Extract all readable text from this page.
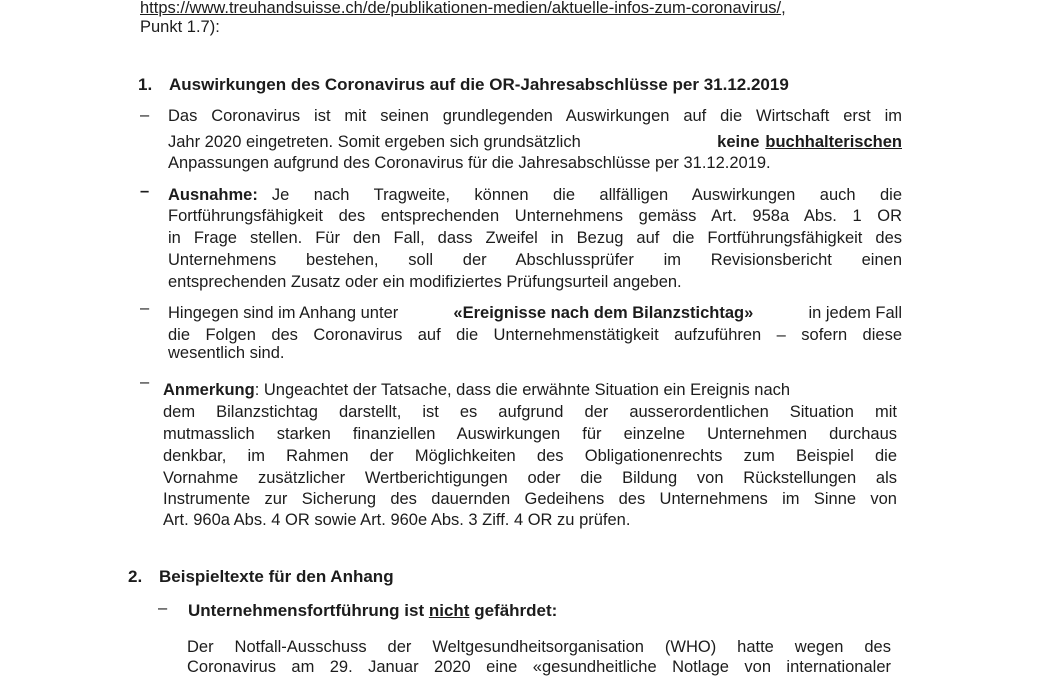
https://www.treuhandsuisse.ch/de/publikationen-medien/aktuelle-infos-zum-coronavirus/,
Punkt 1.7):
1. Auswirkungen des Coronavirus auf die OR-Jahresabschlüsse per 31.12.2019
– Das Coronavirus ist mit seinen grundlegenden Auswirkungen auf die Wirtschaft erst im
Jahr 2020 eingetreten. Somit ergeben sich grundsätzlich	keine buchhalterischen
Anpassungen aufgrund des Coronavirus für die Jahresabschlüsse per 31.12.2019.
– Ausnahme: Je nach Tragweite, können die allfälligen Auswirkungen auch die
Fortführungsfähigkeit des entsprechenden Unternehmens gemäss Art. 958a Abs. 1 OR
in Frage stellen. Für den Fall, dass Zweifel in Bezug auf die Fortführungsfähigkeit des
Unternehmens bestehen, soll der Abschlussprüfer im Revisionsbericht einen
entsprechenden Zusatz oder ein modifiziertes Prüfungsurteil angeben.
– Hingegen sind im Anhang unter	«Ereignisse nach dem Bilanzstichtag»	in jedem Fall
die Folgen des Coronavirus auf die Unternehmenstätigkeit aufzuführen – sofern diese
wesentlich sind.
– Anmerkung: Ungeachtet der Tatsache, dass die erwähnte Situation ein Ereignis nach
dem Bilanzstichtag darstellt, ist es aufgrund der ausserordentlichen Situation mit
mutmasslich starken finanziellen Auswirkungen für einzelne Unternehmen durchaus
denkbar, im Rahmen der Möglichkeiten des Obligationenrechts zum Beispiel die
Vornahme zusätzlicher Wertberichtigungen oder die Bildung von Rückstellungen als
Instrumente zur Sicherung des dauernden Gedeihens des Unternehmens im Sinne von
Art. 960a Abs. 4 OR sowie Art. 960e Abs. 3 Ziff. 4 OR zu prüfen.
2. Beispieltexte für den Anhang
– Unternehmensfortführung ist nicht gefährdet:
Der Notfall-Ausschuss der Weltgesundheitsorganisation (WHO) hatte wegen des
Coronavirus am 29. Januar 2020 eine «gesundheitliche Notlage von internationaler
